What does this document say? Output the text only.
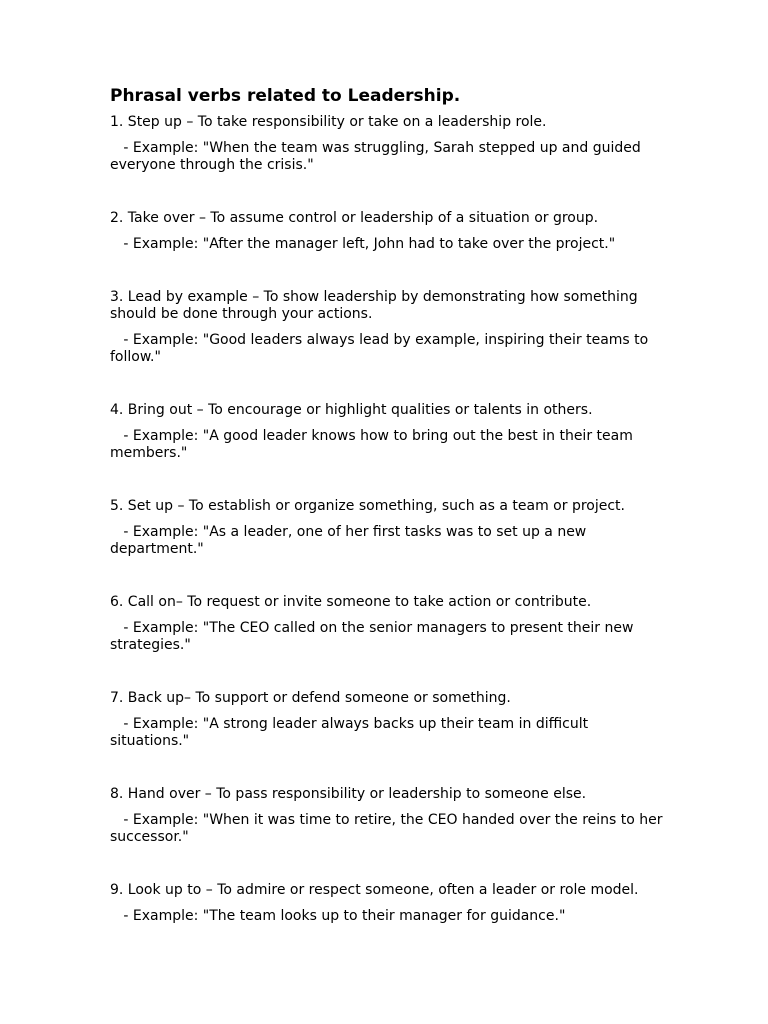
Phrasal verbs related to Leadership.

1. Step up – To take responsibility or take on a leadership role.

- Example: "When the team was struggling, Sarah stepped up and guided everyone through the crisis."

2. Take over – To assume control or leadership of a situation or group.

- Example: "After the manager left, John had to take over the project."

3. Lead by example – To show leadership by demonstrating how something should be done through your actions.

- Example: "Good leaders always lead by example, inspiring their teams to follow."

4. Bring out – To encourage or highlight qualities or talents in others.

- Example: "A good leader knows how to bring out the best in their team members."

5. Set up – To establish or organize something, such as a team or project.

- Example: "As a leader, one of her first tasks was to set up a new department."

6. Call on– To request or invite someone to take action or contribute.

- Example: "The CEO called on the senior managers to present their new strategies."

7. Back up– To support or defend someone or something.

- Example: "A strong leader always backs up their team in difficult situations."

8. Hand over – To pass responsibility or leadership to someone else.

- Example: "When it was time to retire, the CEO handed over the reins to her successor."

9. Look up to – To admire or respect someone, often a leader or role model.

- Example: "The team looks up to their manager for guidance."
